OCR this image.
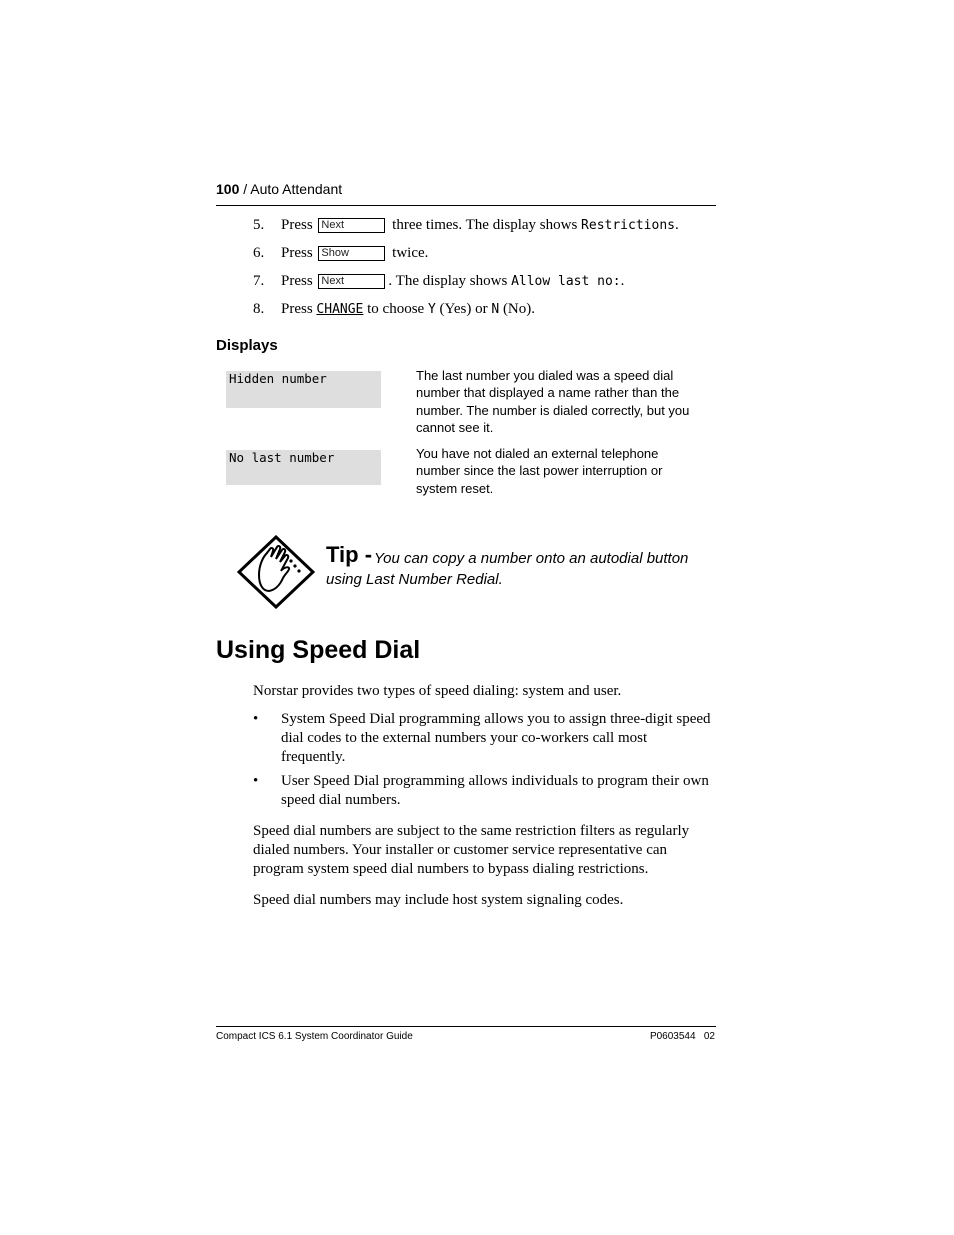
100 / Auto Attendant
5. Press Next	three times. The display shows Restrictions.
6. Press Show	twice.
7. Press Next	. The display shows Allow last no:.
8. Press CHANGE to choose Y (Yes) or N (No).
Displays
Hidden number	The last number you dialed was a speed dial number that displayed a name rather than the number. The number is dialed correctly, but you cannot see it.
No last number	You have not dialed an external telephone number since the last power interruption or system reset.
Tip - You can copy a number onto an autodial button using Last Number Redial.
Using Speed Dial
Norstar provides two types of speed dialing: system and user.
• System Speed Dial programming allows you to assign three-digit speed dial codes to the external numbers your co-workers call most frequently.
• User Speed Dial programming allows individuals to program their own speed dial numbers.
Speed dial numbers are subject to the same restriction filters as regularly dialed numbers. Your installer or customer service representative can program system speed dial numbers to bypass dialing restrictions.
Speed dial numbers may include host system signaling codes.
Compact ICS 6.1 System Coordinator Guide	P0603544   02
